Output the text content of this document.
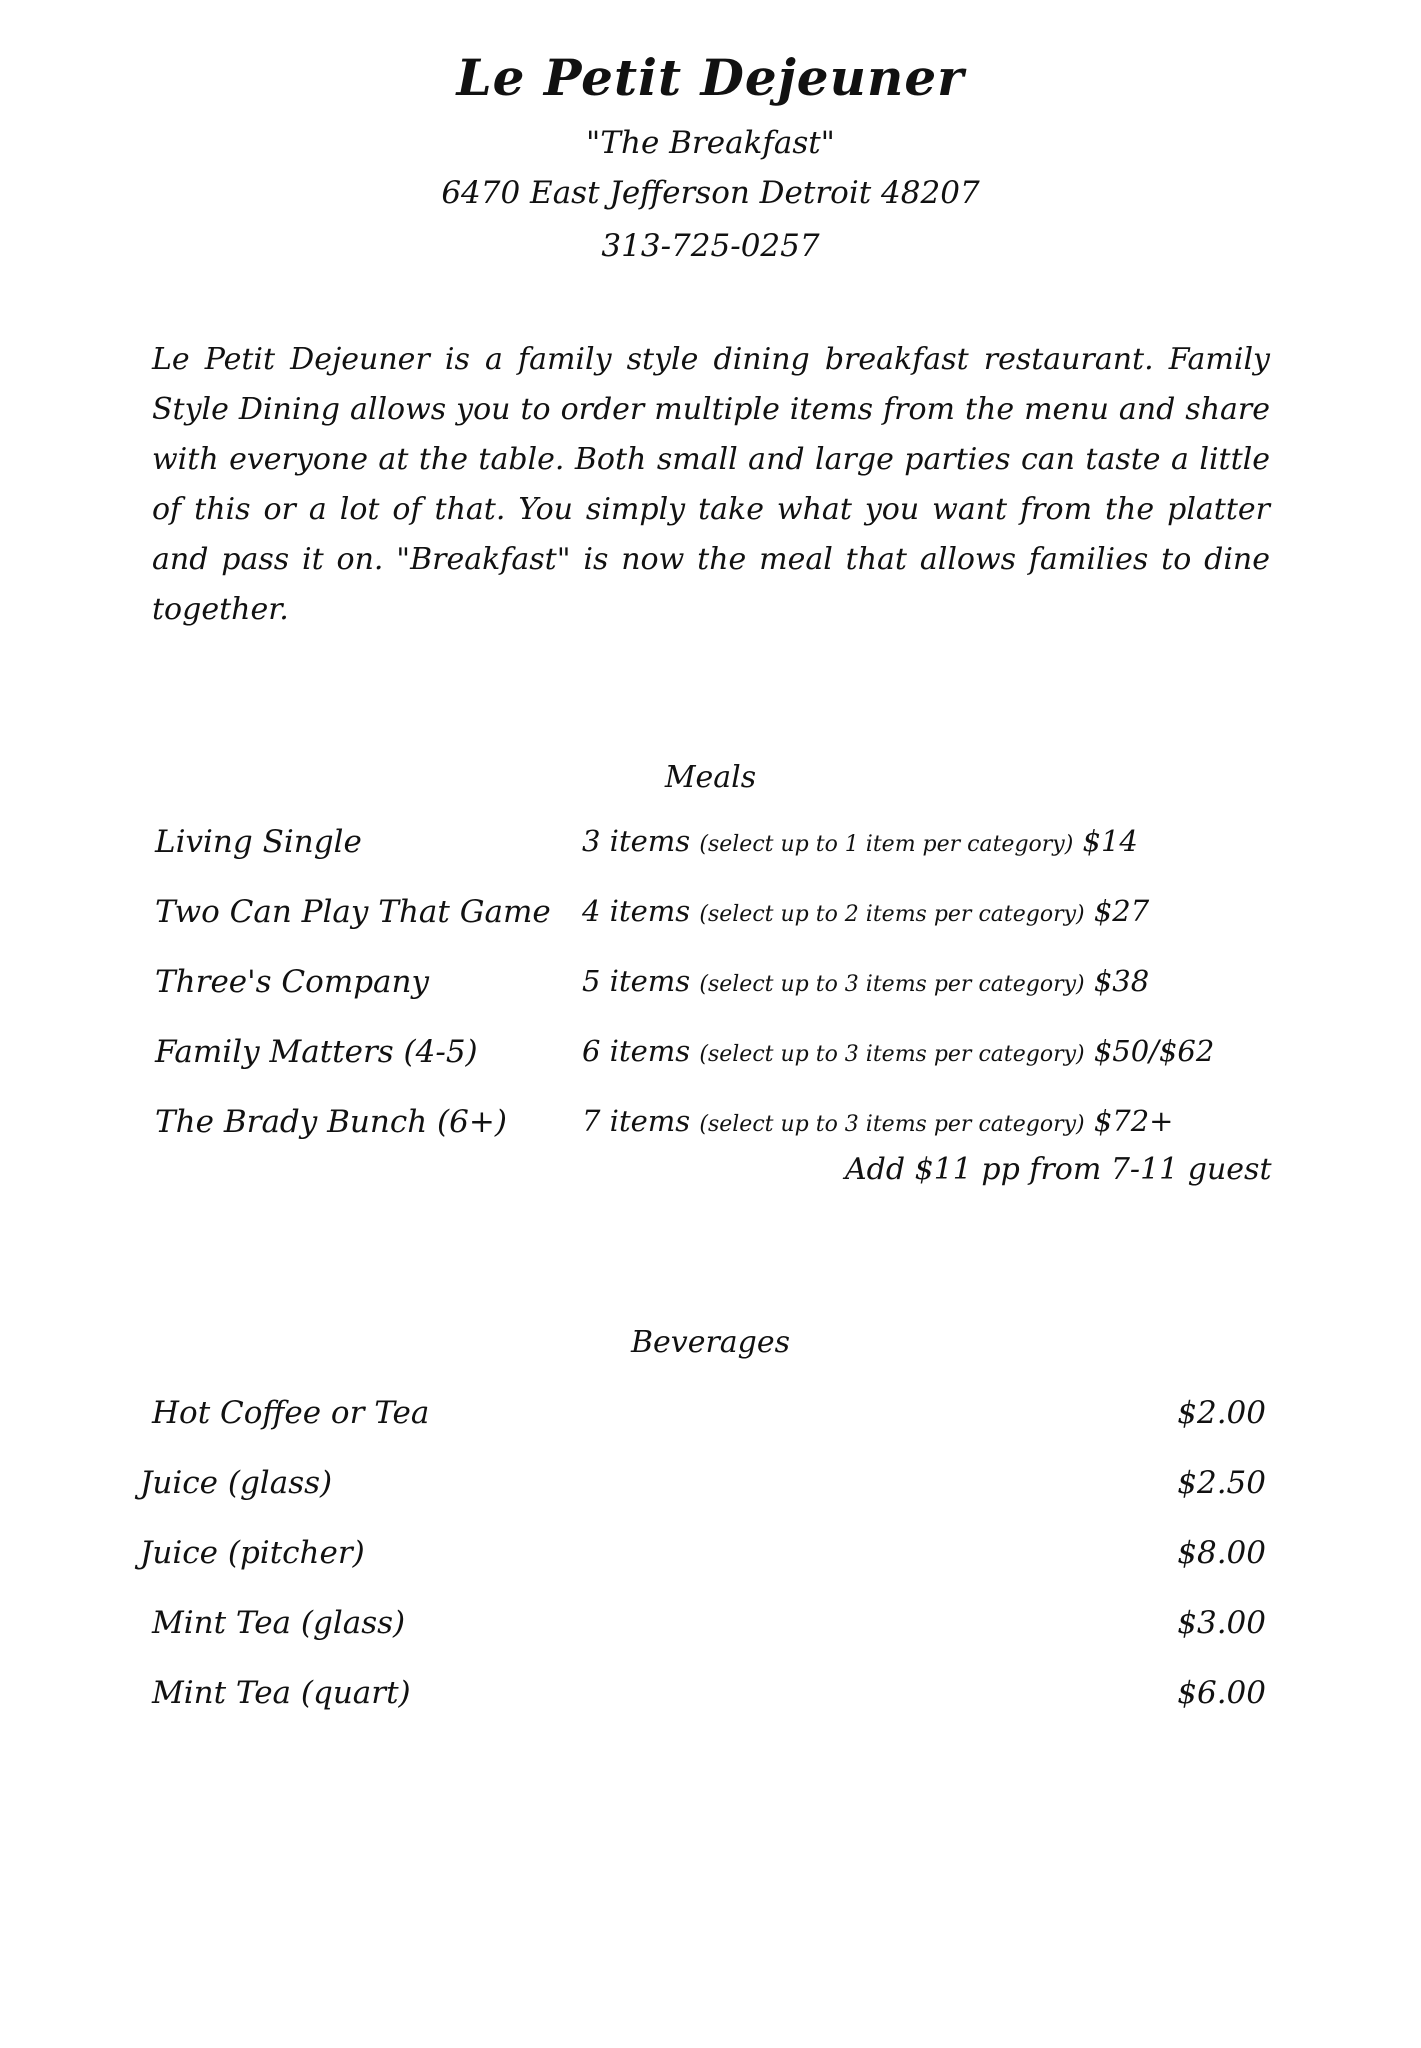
Le Petit Dejeuner
"The Breakfast"
6470 East Jefferson Detroit 48207
313-725-0257
Le Petit Dejeuner is a family style dining breakfast restaurant. Family Style Dining allows you to order multiple items from the menu and share with everyone at the table. Both small and large parties can taste a little of this or a lot of that. You simply take what you want from the platter and pass it on. "Breakfast" is now the meal that allows families to dine together.
Meals
Living Single	3 items (select up to 1 item per category) $14
Two Can Play That Game 4 items (select up to 2 items per category) $27
Three's Company	5 items (select up to 3 items per category) $38
Family Matters (4-5)	6 items (select up to 3 items per category) $50/$62
The Brady Bunch (6+)	7 items (select up to 3 items per category) $72+
Add $11 pp from 7-11 guest
Beverages
Hot Coffee or Tea	$2.00
Juice (glass)	$2.50
Juice (pitcher)	$8.00
Mint Tea (glass)	$3.00
Mint Tea (quart)	$6.00
